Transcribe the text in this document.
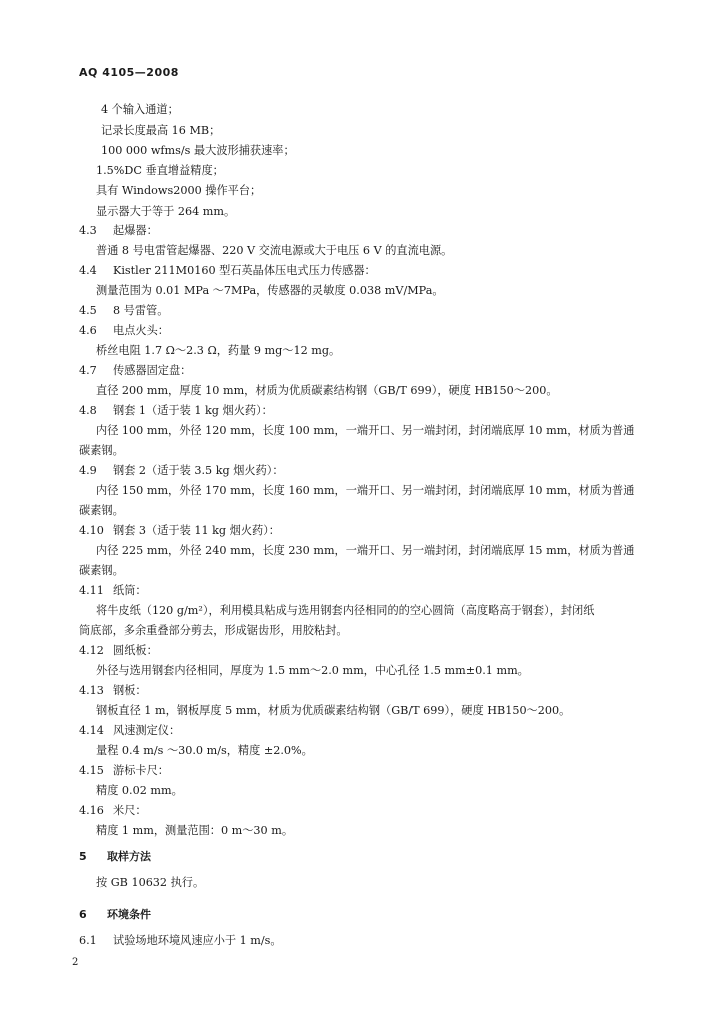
AQ 4105—2008
4 个输入通道；
记录长度最高 16 MB；
100 000 wfms/s 最大波形捕获速率；
1.5%DC 垂直增益精度；
具有 Windows2000 操作平台；
显示器大于等于 264 mm。
4.3 起爆器：
普通 8 号电雷管起爆器、220 V 交流电源或大于电压 6 V 的直流电源。
4.4 Kistler 211M0160 型石英晶体压电式压力传感器：
测量范围为 0.01 MPa ～7MPa，传感器的灵敏度 0.038 mV/MPa。
4.5 8 号雷管。
4.6 电点火头：
桥丝电阻 1.7 Ω～2.3 Ω，药量 9 mg～12 mg。
4.7 传感器固定盘：
直径 200 mm，厚度 10 mm，材质为优质碳素结构钢（GB/T 699），硬度 HB150～200。
4.8 钢套 1（适于装 1 kg 烟火药）：
内径 100 mm，外径 120 mm，长度 100 mm，一端开口、另一端封闭，封闭端底厚 10 mm，材质为普通
碳素钢。
4.9 钢套 2（适于装 3.5 kg 烟火药）：
内径 150 mm，外径 170 mm，长度 160 mm，一端开口、另一端封闭，封闭端底厚 10 mm，材质为普通
碳素钢。
4.10 钢套 3（适于装 11 kg 烟火药）：
内径 225 mm，外径 240 mm，长度 230 mm，一端开口、另一端封闭，封闭端底厚 15 mm，材质为普通
碳素钢。
4.11 纸筒：
将牛皮纸（120 g/m²），利用模具粘成与选用钢套内径相同的的空心圆筒（高度略高于钢套），封闭纸
筒底部，多余重叠部分剪去，形成锯齿形，用胶粘封。
4.12 圆纸板：
外径与选用钢套内径相同，厚度为 1.5 mm～2.0 mm，中心孔径 1.5 mm±0.1 mm。
4.13 钢板：
钢板直径 1 m，钢板厚度 5 mm，材质为优质碳素结构钢（GB/T 699），硬度 HB150～200。
4.14 风速测定仪：
量程 0.4 m/s ～30.0 m/s，精度 ±2.0%。
4.15 游标卡尺：
精度 0.02 mm。
4.16 米尺：
精度 1 mm，测量范围：0 m～30 m。
5 取样方法
按 GB 10632 执行。
6 环境条件
6.1 试验场地环境风速应小于 1 m/s。
2
